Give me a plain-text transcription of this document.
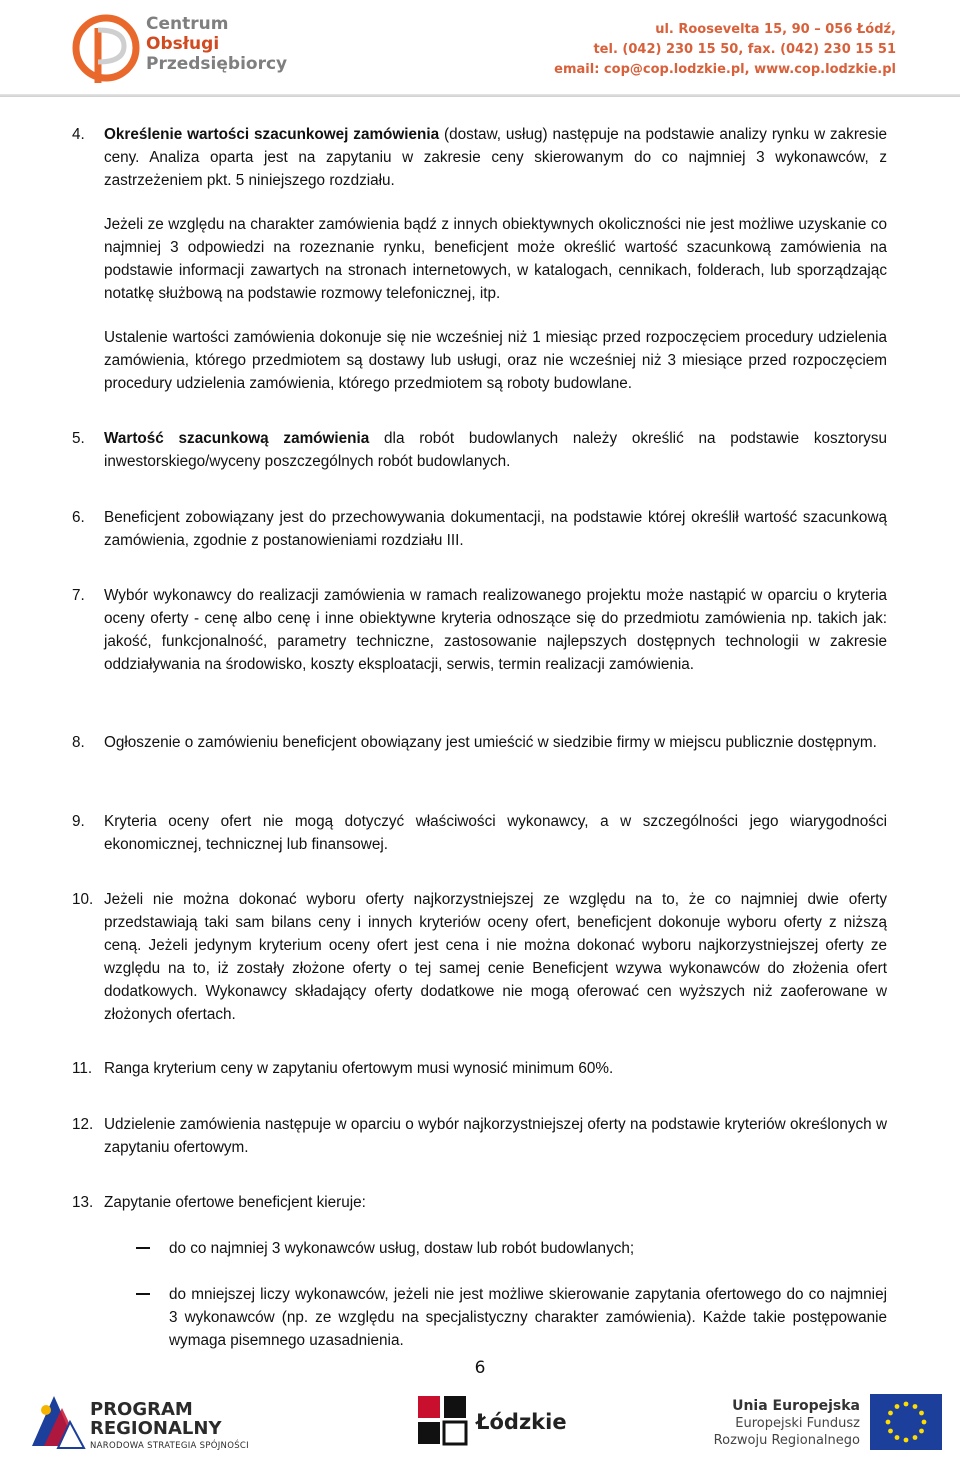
Centrum
Obsługi
Przedsiębiorcy
ul. Roosevelta 15, 90 – 056 Łódź,
tel. (042) 230 15 50, fax. (042) 230 15 51
email: cop@cop.lodzkie.pl, www.cop.lodzkie.pl
4. Określenie wartości szacunkowej zamówienia (dostaw, usług) następuje na podstawie analizy rynku w zakresie ceny. Analiza oparta jest na zapytaniu w zakresie ceny skierowanym do co najmniej 3 wykonawców, z zastrzeżeniem pkt. 5 niniejszego rozdziału.
Jeżeli ze względu na charakter zamówienia bądź z innych obiektywnych okoliczności nie jest możliwe uzyskanie co najmniej 3 odpowiedzi na rozeznanie rynku, beneficjent może określić wartość szacunkową zamówienia na podstawie informacji zawartych na stronach internetowych, w katalogach, cennikach, folderach, lub sporządzając notatkę służbową na podstawie rozmowy telefonicznej, itp.
Ustalenie wartości zamówienia dokonuje się nie wcześniej niż 1 miesiąc przed rozpoczęciem procedury udzielenia zamówienia, którego przedmiotem są dostawy lub usługi, oraz nie wcześniej niż 3 miesiące przed rozpoczęciem procedury udzielenia zamówienia, którego przedmiotem są roboty budowlane.
5. Wartość szacunkową zamówienia dla robót budowlanych należy określić na podstawie kosztorysu inwestorskiego/wyceny poszczególnych robót budowlanych.
6. Beneficjent zobowiązany jest do przechowywania dokumentacji, na podstawie której określił wartość szacunkową zamówienia, zgodnie z postanowieniami rozdziału III.
7. Wybór wykonawcy do realizacji zamówienia w ramach realizowanego projektu może nastąpić w oparciu o kryteria oceny oferty - cenę albo cenę i inne obiektywne kryteria odnoszące się do przedmiotu zamówienia np. takich jak: jakość, funkcjonalność, parametry techniczne, zastosowanie najlepszych dostępnych technologii w zakresie oddziaływania na środowisko, koszty eksploatacji, serwis, termin realizacji zamówienia.
8. Ogłoszenie o zamówieniu beneficjent obowiązany jest umieścić w siedzibie firmy w miejscu publicznie dostępnym.
9. Kryteria oceny ofert nie mogą dotyczyć właściwości wykonawcy, a w szczególności jego wiarygodności ekonomicznej, technicznej lub finansowej.
10. Jeżeli nie można dokonać wyboru oferty najkorzystniejszej ze względu na to, że co najmniej dwie oferty przedstawiają taki sam bilans ceny i innych kryteriów oceny ofert, beneficjent dokonuje wyboru oferty z niższą ceną. Jeżeli jedynym kryterium oceny ofert jest cena i nie można dokonać wyboru najkorzystniejszej oferty ze względu na to, iż zostały złożone oferty o tej samej cenie Beneficjent wzywa wykonawców do złożenia ofert dodatkowych. Wykonawcy składający oferty dodatkowe nie mogą oferować cen wyższych niż zaoferowane w złożonych ofertach.
11. Ranga kryterium ceny w zapytaniu ofertowym musi wynosić minimum 60%.
12. Udzielenie zamówienia następuje w oparciu o wybór najkorzystniejszej oferty na podstawie kryteriów określonych w zapytaniu ofertowym.
13. Zapytanie ofertowe beneficjent kieruje:
do co najmniej 3 wykonawców usług, dostaw lub robót budowlanych;
do mniejszej liczy wykonawców, jeżeli nie jest możliwe skierowanie zapytania ofertowego do co najmniej 3 wykonawców (np. ze względu na specjalistyczny charakter zamówienia). Każde takie postępowanie wymaga pisemnego uzasadnienia.
6
PROGRAM
REGIONALNY
NARODOWA STRATEGIA SPÓJNOŚCI
Łódzkie
Unia Europejska
Europejski Fundusz
Rozwoju Regionalnego
